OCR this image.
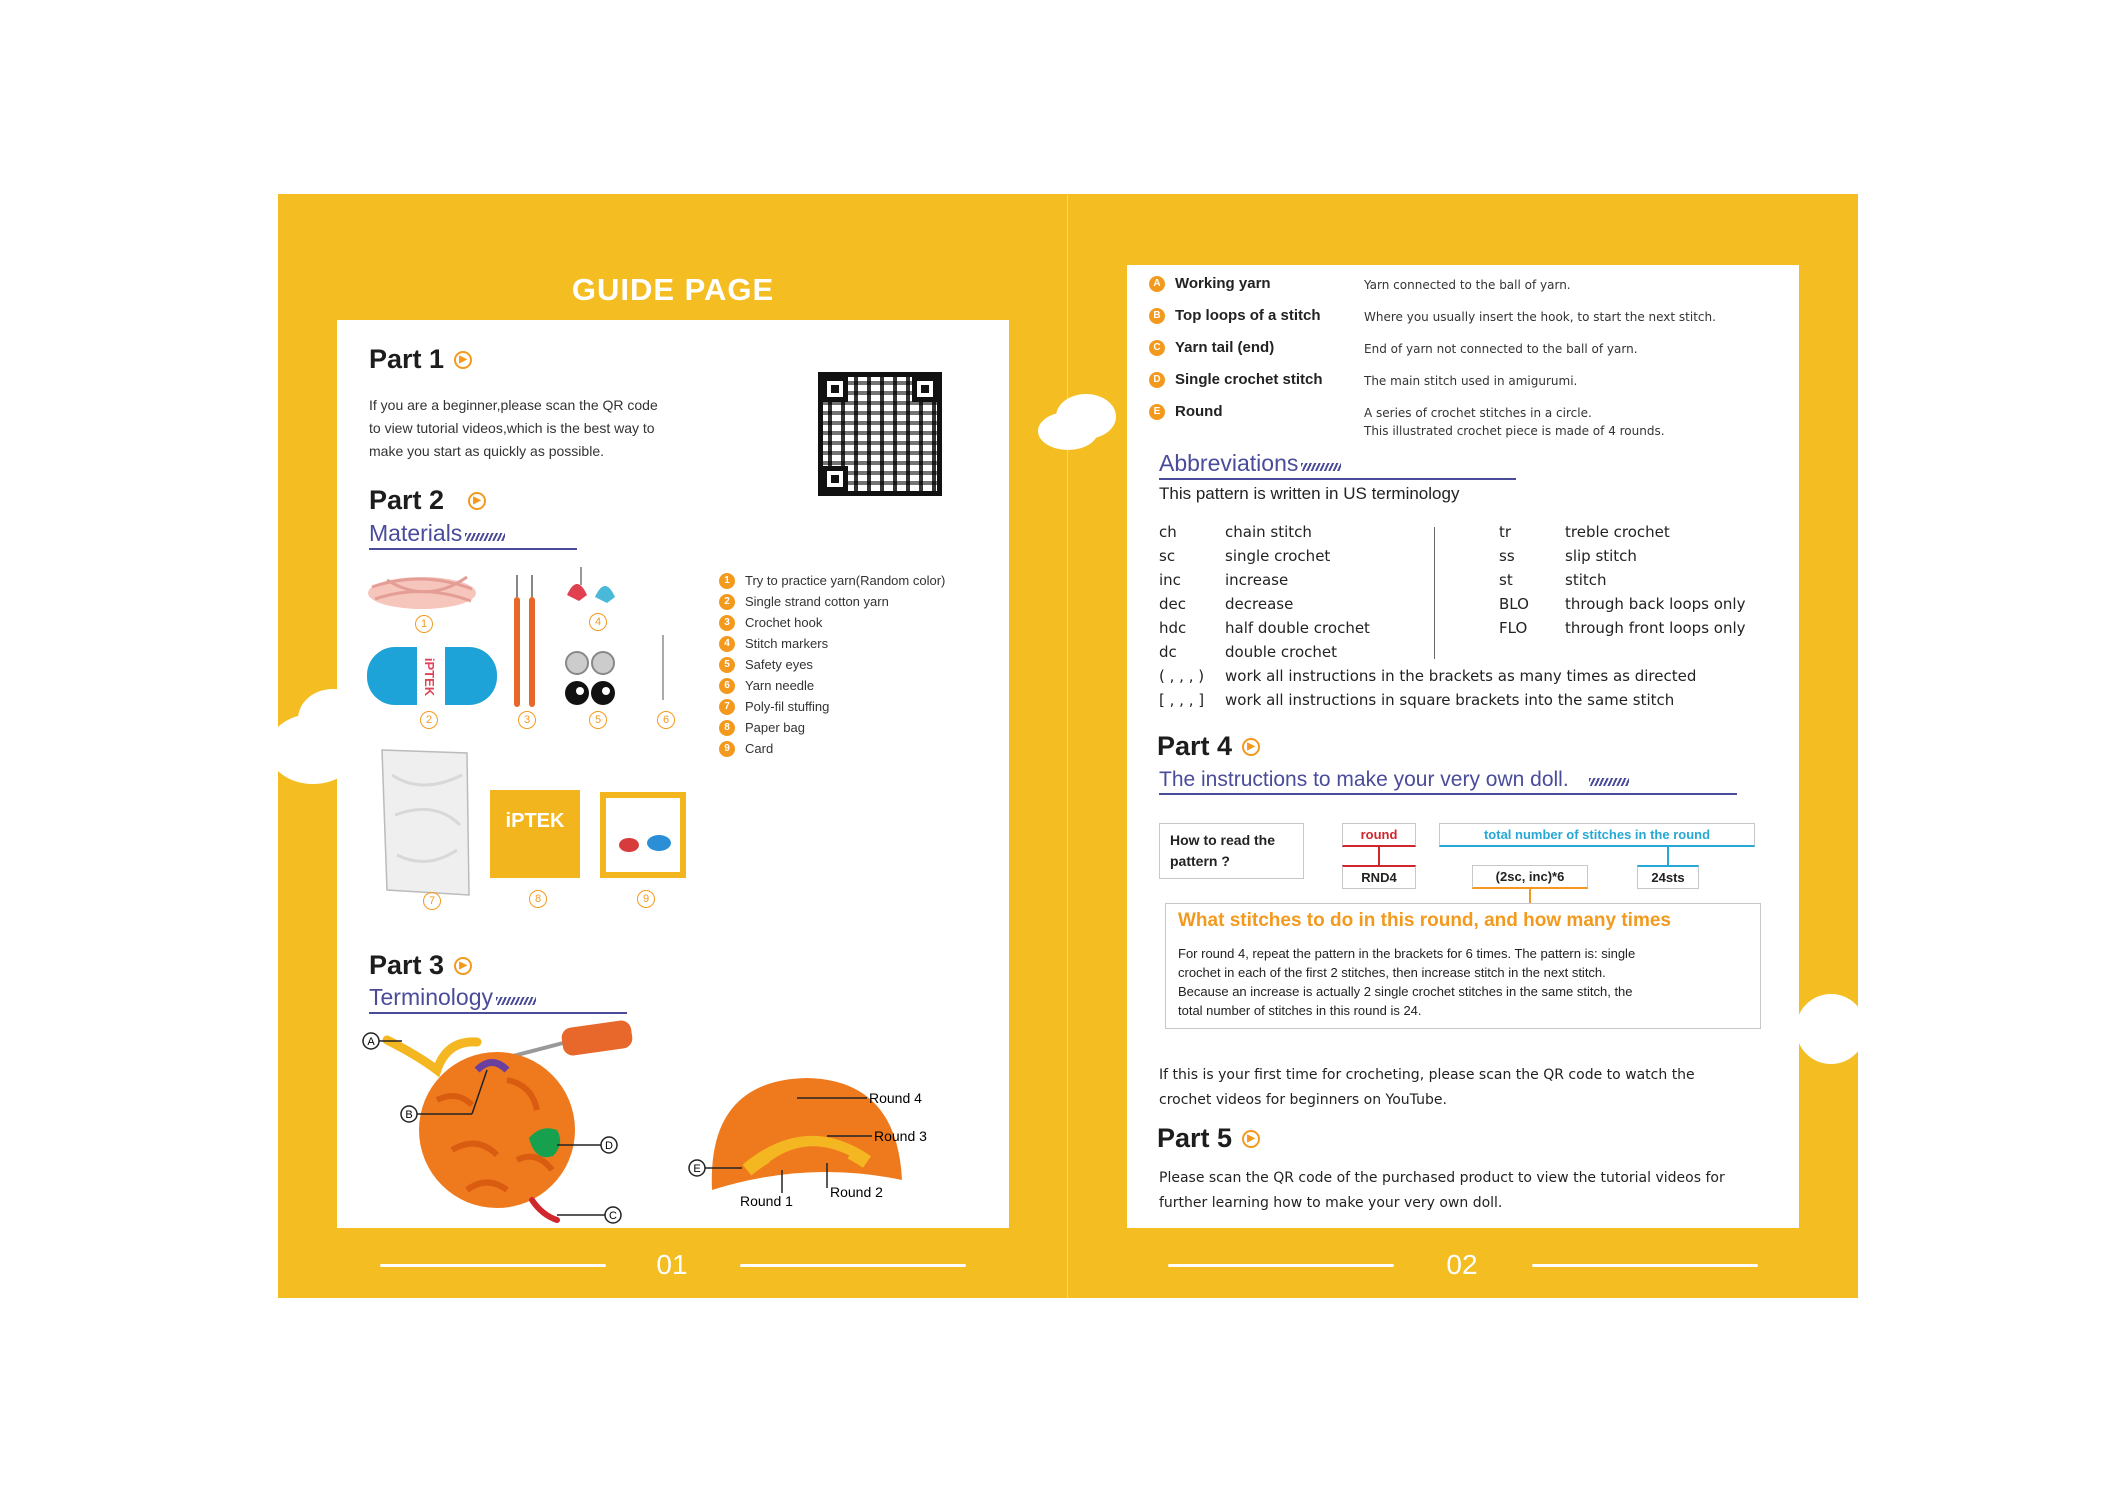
GUIDE PAGE
Part 1	▶
If you are a beginner,please scan the QR code
to view tutorial videos,which is the best way to
make you start as quickly as possible.
Part 2	▶
Materials
iPTEK
iPTEK
1
2	3
4
5	6
7	8	9
1	Try to practice yarn(Random color)
2	Single strand cotton yarn
3	Crochet hook
4	Stitch markers
5	Safety eyes
6	Yarn needle
7	Poly-fil stuffing
8	Paper bag
9	Card
Part 3	▶
Terminology
A
B
C
D
E
Round 4
Round 3
Round 2
Round 1
01
A Working yarn	Yarn connected to the ball of yarn.
B Top loops of a stitch	Where you usually insert the hook, to start the next stitch.
C Yarn tail (end)	End of yarn not connected to the ball of yarn.
D Single crochet stitch	The main stitch used in amigurumi.
E Round	A series of crochet stitches in a circle.
This illustrated crochet piece is made of 4 rounds.
Abbreviations
This pattern is written in US terminology
ch	chain stitch
sc	single crochet
inc	increase
dec	decrease
hdc	half double crochet
dc	double crochet
tr	treble crochet
ss	slip stitch
st	stitch
BLO	through back loops only
FLO	through front loops only
( , , , )	work all instructions in the brackets as many times as directed
[ , , , ]	work all instructions in square brackets into the same stitch
Part 4	▶
The instructions to make your very own doll.
How to read the
pattern ?
round
RND4
total number of stitches in the round
24sts
(2sc, inc)*6
What stitches to do in this round, and how many times
For round 4, repeat the pattern in the brackets for 6 times. The pattern is: single
crochet in each of the first 2 stitches, then increase stitch in the next stitch.
Because an increase is actually 2 single crochet stitches in the same stitch, the
total number of stitches in this round is 24.
If this is your first time for crocheting, please scan the QR code to watch the
crochet videos for beginners on YouTube.
Part 5	▶
Please scan the QR code of the purchased product to view the tutorial videos for
further learning how to make your very own doll.
02
